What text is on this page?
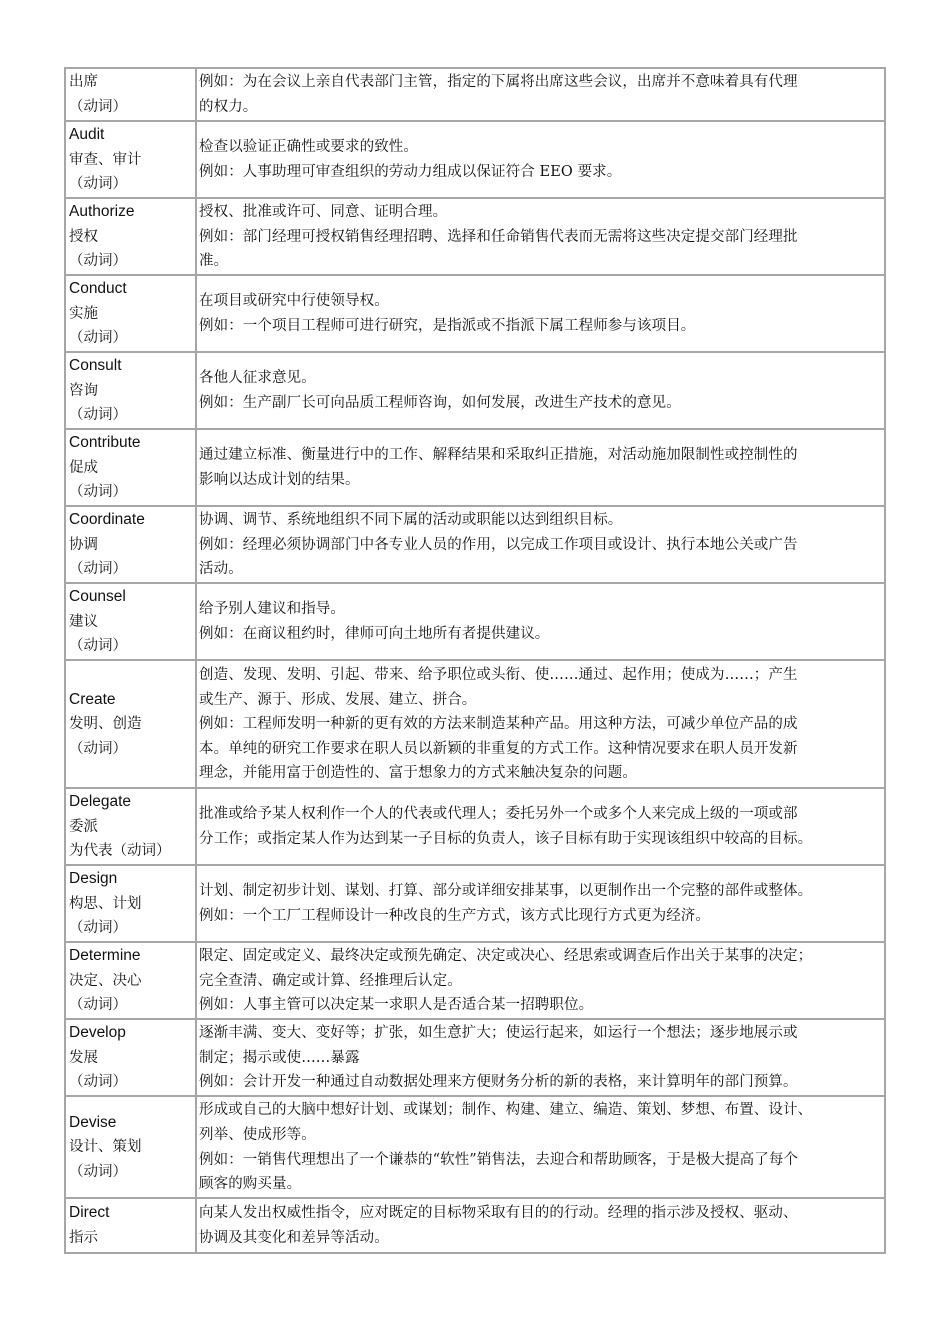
出席
（动词）
例如：为在会议上亲自代表部门主管，指定的下属将出席这些会议，出席并不意味着具有代理
的权力。
Audit
审查、审计
（动词）
检查以验证正确性或要求的致性。
例如：人事助理可审查组织的劳动力组成以保证符合 EEO 要求。
Authorize
授权
（动词）
授权、批准或许可、同意、证明合理。
例如：部门经理可授权销售经理招聘、选择和任命销售代表而无需将这些决定提交部门经理批
准。
Conduct
实施
（动词）
在项目或研究中行使领导权。
例如：一个项目工程师可进行研究，是指派或不指派下属工程师参与该项目。
Consult
咨询
（动词）
各他人征求意见。
例如：生产副厂长可向品质工程师咨询，如何发展，改进生产技术的意见。
Contribute
促成
（动词）
通过建立标准、衡量进行中的工作、解释结果和采取纠正措施，对活动施加限制性或控制性的
影响以达成计划的结果。
Coordinate
协调
（动词）
协调、调节、系统地组织不同下属的活动或职能以达到组织目标。
例如：经理必须协调部门中各专业人员的作用，以完成工作项目或设计、执行本地公关或广告
活动。
Counsel
建议
（动词）
给予别人建议和指导。
例如：在商议租约时，律师可向土地所有者提供建议。
Create
发明、创造
（动词）
创造、发现、发明、引起、带来、给予职位或头衔、使……通过、起作用；使成为……；产生
或生产、源于、形成、发展、建立、拼合。
例如：工程师发明一种新的更有效的方法来制造某种产品。用这种方法，可减少单位产品的成
本。单纯的研究工作要求在职人员以新颖的非重复的方式工作。这种情况要求在职人员开发新
理念，并能用富于创造性的、富于想象力的方式来触决复杂的问题。
Delegate
委派
为代表（动词）
批准或给予某人权利作一个人的代表或代理人；委托另外一个或多个人来完成上级的一项或部
分工作；或指定某人作为达到某一子目标的负责人，该子目标有助于实现该组织中较高的目标。
Design
构思、计划
（动词）
计划、制定初步计划、谋划、打算、部分或详细安排某事，以更制作出一个完整的部件或整体。
例如：一个工厂工程师设计一种改良的生产方式，该方式比现行方式更为经济。
Determine
决定、决心
（动词）
限定、固定或定义、最终决定或预先确定、决定或决心、经思索或调查后作出关于某事的决定；
完全查清、确定或计算、经推理后认定。
例如：人事主管可以决定某一求职人是否适合某一招聘职位。
Develop
发展
（动词）
逐渐丰满、变大、变好等；扩张，如生意扩大；使运行起来，如运行一个想法；逐步地展示或
制定；揭示或使……暴露
例如：会计开发一种通过自动数据处理来方便财务分析的新的表格，来计算明年的部门预算。
Devise
设计、策划
（动词）
形成或自己的大脑中想好计划、或谋划；制作、构建、建立、编造、策划、梦想、布置、设计、
列举、使成形等。
例如：一销售代理想出了一个谦恭的“软性”销售法，去迎合和帮助顾客，于是极大提高了每个
顾客的购买量。
Direct
指示
向某人发出权威性指令，应对既定的目标物采取有目的的行动。经理的指示涉及授权、驱动、
协调及其变化和差异等活动。
